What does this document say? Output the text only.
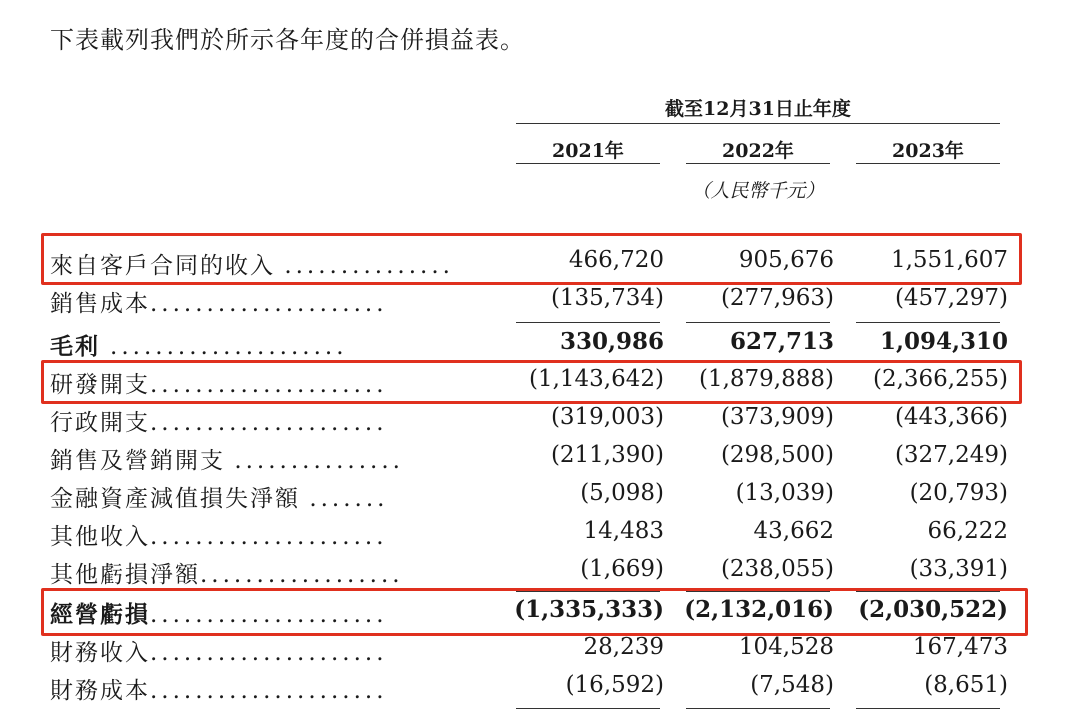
下表載列我們於所示各年度的合併損益表。
截至12月31日止年度
2021年	2022年	2023年
（人民幣千元）
來自客戶合同的收入 ...............	466,720	905,676	1,551,607
銷售成本.....................	(135,734)	(277,963)	(457,297)
毛利 .....................	330,986	627,713	1,094,310
研發開支.....................	(1,143,642)	(1,879,888)	(2,366,255)
行政開支.....................	(319,003)	(373,909)	(443,366)
銷售及營銷開支 ...............	(211,390)	(298,500)	(327,249)
金融資產減值損失淨額 .......	(5,098)	(13,039)	(20,793)
其他收入.....................	14,483	43,662	66,222
其他虧損淨額..................	(1,669)	(238,055)	(33,391)
經營虧損.....................	(1,335,333) (2,132,016)	(2,030,522)
財務收入.....................	28,239	104,528	167,473
財務成本.....................	(16,592)	(7,548)	(8,651)
